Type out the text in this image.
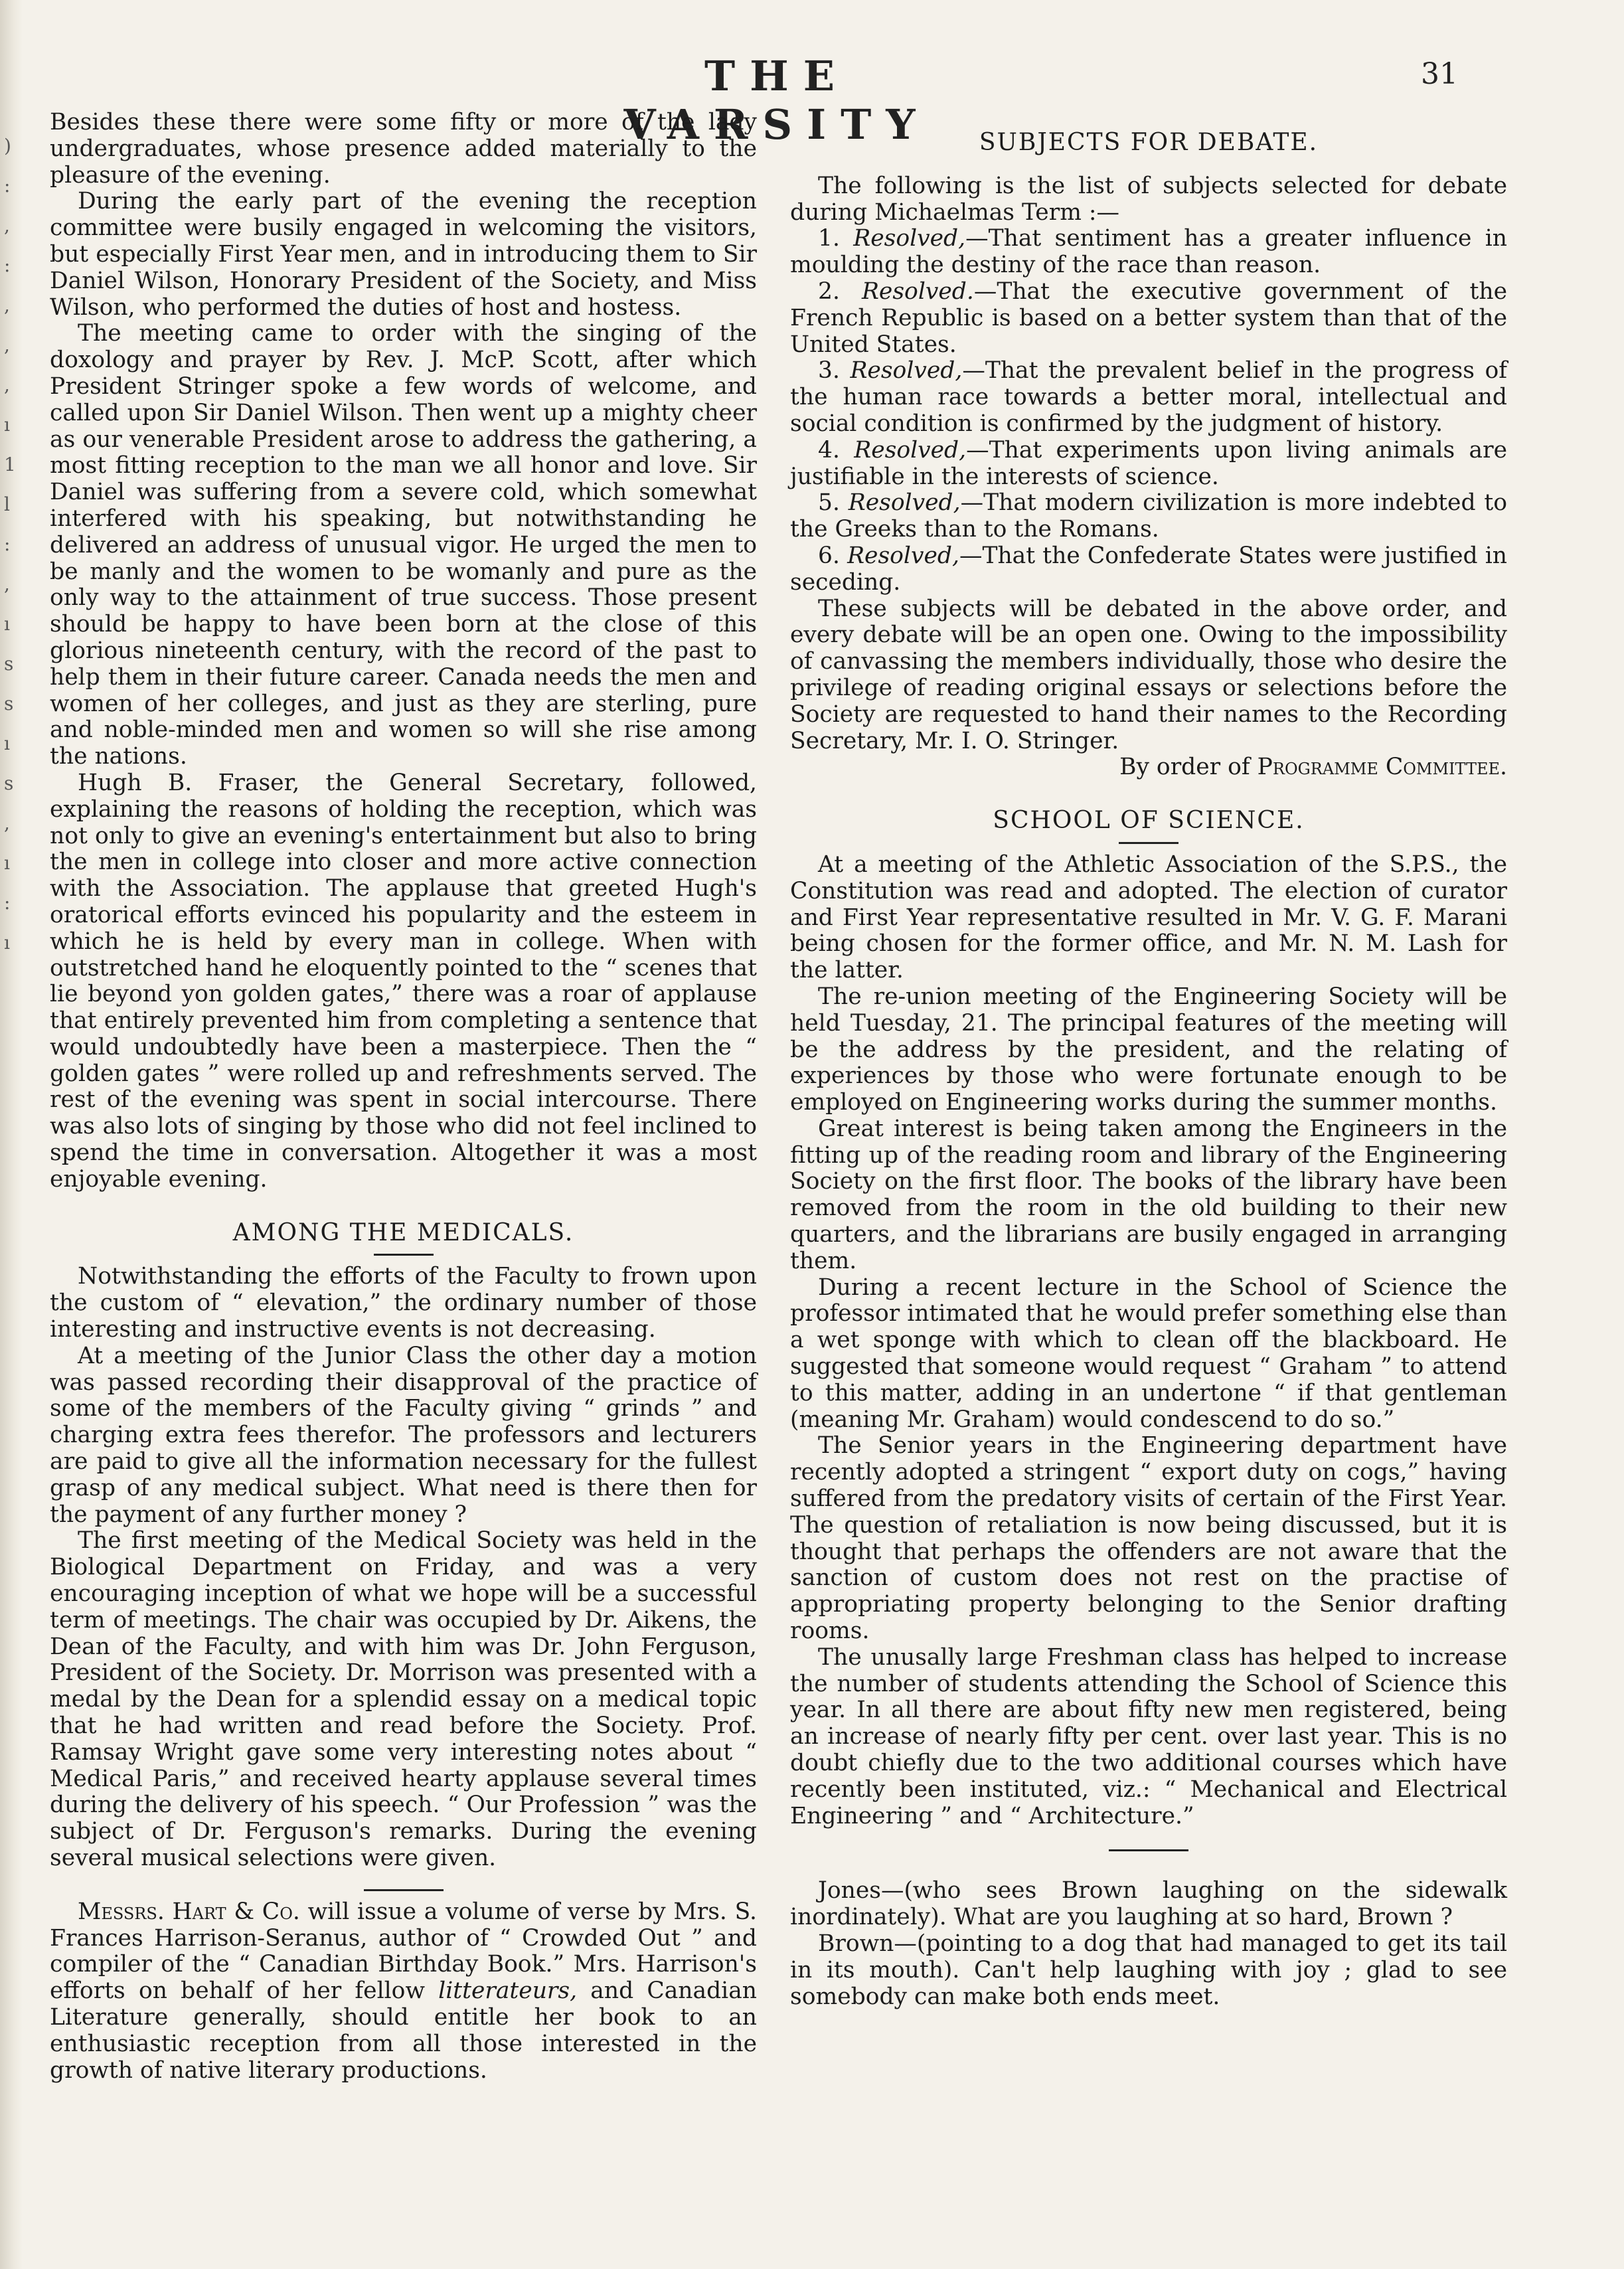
)
:
,
:
,
,
,
ı
1
l
:
,
ı
s
s
ı
s
,
ı
:
ı
THE VARSITY
31

Besides these there were some fifty or more of the lady undergraduates, whose presence added materially to the pleasure of the evening.

During the early part of the evening the reception committee were busily engaged in welcoming the visitors, but especially First Year men, and in introducing them to Sir Daniel Wilson, Honorary President of the Society, and Miss Wilson, who performed the duties of host and hostess.

The meeting came to order with the singing of the doxology and prayer by Rev. J. McP. Scott, after which President Stringer spoke a few words of welcome, and called upon Sir Daniel Wilson. Then went up a mighty cheer as our venerable President arose to address the gathering, a most fitting reception to the man we all honor and love. Sir Daniel was suffering from a severe cold, which somewhat interfered with his speaking, but notwithstanding he delivered an address of unusual vigor. He urged the men to be manly and the women to be womanly and pure as the only way to the attainment of true success. Those present should be happy to have been born at the close of this glorious nineteenth century, with the record of the past to help them in their future career. Canada needs the men and women of her colleges, and just as they are sterling, pure and noble-minded men and women so will she rise among the nations.

Hugh B. Fraser, the General Secretary, followed, explaining the reasons of holding the reception, which was not only to give an evening's entertainment but also to bring the men in college into closer and more active connection with the Association. The applause that greeted Hugh's oratorical efforts evinced his popularity and the esteem in which he is held by every man in college. When with outstretched hand he eloquently pointed to the “ scenes that lie beyond yon golden gates,” there was a roar of applause that entirely prevented him from completing a sentence that would undoubtedly have been a masterpiece. Then the “ golden gates ” were rolled up and refreshments served. The rest of the evening was spent in social intercourse. There was also lots of singing by those who did not feel inclined to spend the time in conversation. Altogether it was a most enjoyable evening.

AMONG THE MEDICALS.

Notwithstanding the efforts of the Faculty to frown upon the custom of “ elevation,” the ordinary number of those interesting and instructive events is not decreasing.

At a meeting of the Junior Class the other day a motion was passed recording their disapproval of the practice of some of the members of the Faculty giving “ grinds ” and charging extra fees therefor. The professors and lecturers are paid to give all the information necessary for the fullest grasp of any medical subject. What need is there then for the payment of any further money ?

The first meeting of the Medical Society was held in the Biological Department on Friday, and was a very encouraging inception of what we hope will be a successful term of meetings. The chair was occupied by Dr. Aikens, the Dean of the Faculty, and with him was Dr. John Ferguson, President of the Society. Dr. Morrison was presented with a medal by the Dean for a splendid essay on a medical topic that he had written and read before the Society. Prof. Ramsay Wright gave some very interesting notes about “ Medical Paris,” and received hearty applause several times during the delivery of his speech. “ Our Profession ” was the subject of Dr. Ferguson's remarks. During the evening several musical selections were given.

Messrs. Hart & Co. will issue a volume of verse by Mrs. S. Frances Harrison-Seranus, author of “ Crowded Out ” and compiler of the “ Canadian Birthday Book.” Mrs. Harrison's efforts on behalf of her fellow litterateurs, and Canadian Literature generally, should entitle her book to an enthusiastic reception from all those interested in the growth of native literary productions.

SUBJECTS FOR DEBATE.

The following is the list of subjects selected for debate during Michaelmas Term :—

1. Resolved,—That sentiment has a greater influence in moulding the destiny of the race than reason.

2. Resolved.—That the executive government of the French Republic is based on a better system than that of the United States.

3. Resolved,—That the prevalent belief in the progress of the human race towards a better moral, intellectual and social condition is confirmed by the judgment of history.

4. Resolved,—That experiments upon living animals are justifiable in the interests of science.

5. Resolved,—That modern civilization is more indebted to the Greeks than to the Romans.

6. Resolved,—That the Confederate States were justified in seceding.

These subjects will be debated in the above order, and every debate will be an open one. Owing to the impossibility of canvassing the members individually, those who desire the privilege of reading original essays or selections before the Society are requested to hand their names to the Recording Secretary, Mr. I. O. Stringer.

By order of Programme Committee.

SCHOOL OF SCIENCE.

At a meeting of the Athletic Association of the S.P.S., the Constitution was read and adopted. The election of curator and First Year representative resulted in Mr. V. G. F. Marani being chosen for the former office, and Mr. N. M. Lash for the latter.

The re-union meeting of the Engineering Society will be held Tuesday, 21. The principal features of the meeting will be the address by the president, and the relating of experiences by those who were fortunate enough to be employed on Engineering works during the summer months.

Great interest is being taken among the Engineers in the fitting up of the reading room and library of the Engineering Society on the first floor. The books of the library have been removed from the room in the old building to their new quarters, and the librarians are busily engaged in arranging them.

During a recent lecture in the School of Science the professor intimated that he would prefer something else than a wet sponge with which to clean off the blackboard. He suggested that someone would request “ Graham ” to attend to this matter, adding in an undertone “ if that gentleman (meaning Mr. Graham) would condescend to do so.”

The Senior years in the Engineering department have recently adopted a stringent “ export duty on cogs,” having suffered from the predatory visits of certain of the First Year. The question of retaliation is now being discussed, but it is thought that perhaps the offenders are not aware that the sanction of custom does not rest on the practise of appropriating property belonging to the Senior drafting rooms.

The unusally large Freshman class has helped to increase the number of students attending the School of Science this year. In all there are about fifty new men registered, being an increase of nearly fifty per cent. over last year. This is no doubt chiefly due to the two additional courses which have recently been instituted, viz.: “ Mechanical and Electrical Engineering ” and “ Architecture.”

Jones—(who sees Brown laughing on the sidewalk inordinately). What are you laughing at so hard, Brown ?

Brown—(pointing to a dog that had managed to get its tail in its mouth). Can't help laughing with joy ; glad to see somebody can make both ends meet.
